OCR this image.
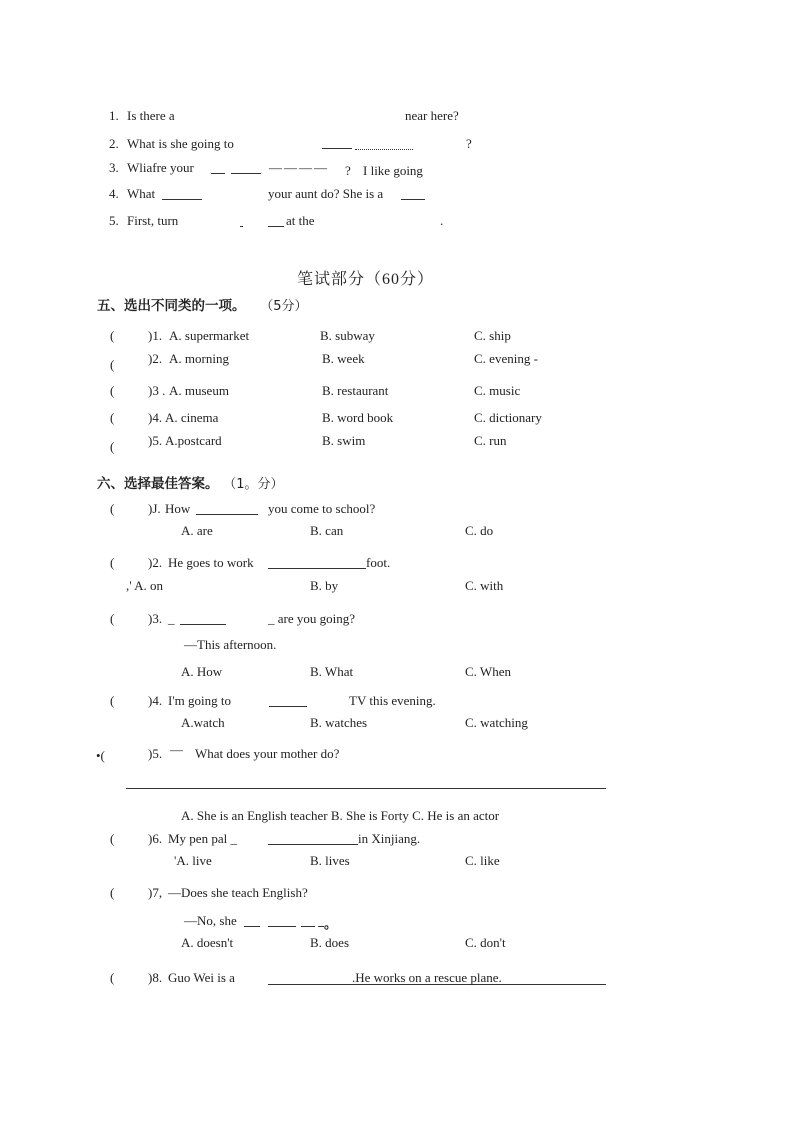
1. Is there a	near here?
2. What is she going to	?
3. Wliafre your	———— ? I like going
4. What	your aunt do? She is a
5. First, turn	at the	.
笔试部分（60分）
五、选出不同类的一项。 （5分）
(	)1. A. supermarket	B. subway	C. ship
(	)2. A. morning	B. week	C. evening -
(	)3 . A. museum	B. restaurant	C. music
(	)4. A. cinema	B. word book	C. dictionary
(	)5. A.postcard	B. swim	C. run
六、选择最佳答案。 （1。分）
(	)J. How	you come to school?
A. are	B. can	C. do
(	)2. He goes to work	foot.
,' A. on	B. by	C. with
(	)3. _	_ are you going?
—This afternoon.
A. How	B. What	C. When
(	)4. I'm going to	TV this evening.
A.watch	B. watches	C. watching
•(	)5. — What does your mother do?
A. She is an English teacher B. She is Forty C. He is an actor
(	)6. My pen pal _	in Xinjiang.
'A. live	B. lives	C. like
(	)7, —Does she teach English?
—No, she	。
A. doesn't	B. does	C. don't
(	)8. Guo Wei is a	.He works on a rescue plane.
